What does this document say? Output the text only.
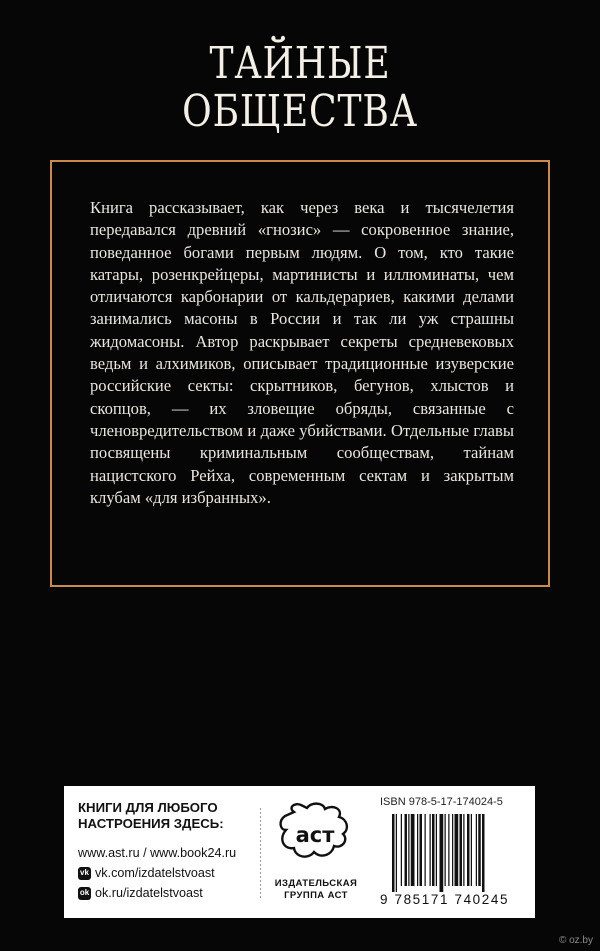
ТАЙНЫЕ
ОБЩЕСТВА
Книга рассказывает, как через века и тысячелетия передавался древний «гнозис» — сокровенное знание, поведанное богами первым людям. О том, кто такие катары, розенкрейцеры, мартинисты и иллюминаты, чем отличаются карбонарии от кальдерариев, какими делами занимались масоны в России и так ли уж страшны жидомасоны. Автор раскрывает секреты средневековых ведьм и алхимиков, описывает традиционные изуверские российские секты: скрытников, бегунов, хлыстов и скопцов, — их зловещие обряды, связанные с членовредительством и даже убийствами. Отдельные главы посвящены криминальным сообществам, тайнам нацистского Рейха, современным сектам и закрытым клубам «для избранных».
КНИГИ ДЛЯ ЛЮБОГО
НАСТРОЕНИЯ ЗДЕСЬ:
www.ast.ru / www.book24.ru
vk vk.com/izdatelstvoast
ok ok.ru/izdatelstvoast
аст
ИЗДАТЕЛЬСКАЯ
ГРУППА АСТ
ISBN 978-5-17-174024-5
9 785171 740245
© oz.by
